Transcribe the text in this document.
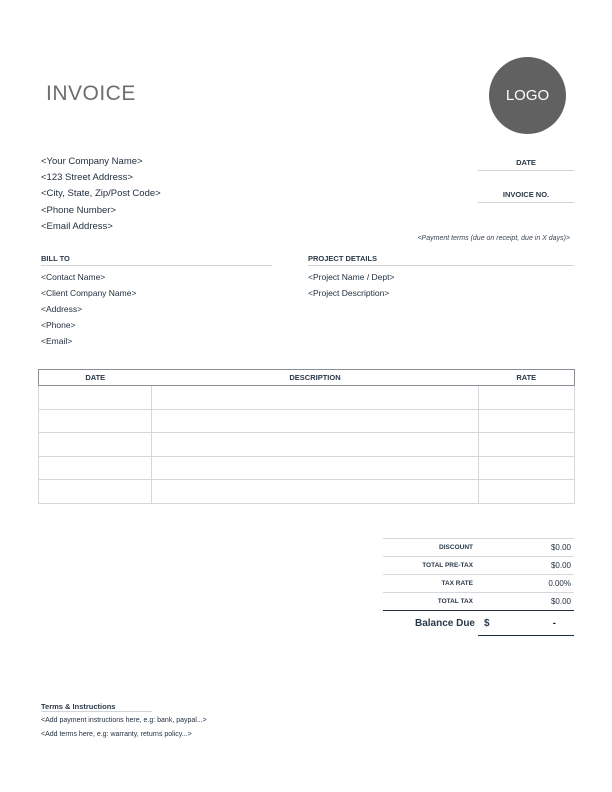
INVOICE	LOGO
<Your Company Name>
<123 Street Address>
<City, State, Zip/Post Code>
<Phone Number>
<Email Address>
DATE
INVOICE NO.
<Payment terms (due on receipt, due in X days)>
BILL TO
<Contact Name>
<Client Company Name>
<Address>
<Phone>
<Email>
PROJECT DETAILS
<Project Name / Dept>
<Project Description>
DATE	DESCRIPTION	RATE

DISCOUNT	$0.00
TOTAL PRE-TAX	$0.00
TAX RATE	0.00%
TOTAL TAX	$0.00
Balance Due $	-
Terms & Instructions
<Add payment instructions here, e.g: bank, paypal...>
<Add terms here, e.g: warranty, returns policy...>
